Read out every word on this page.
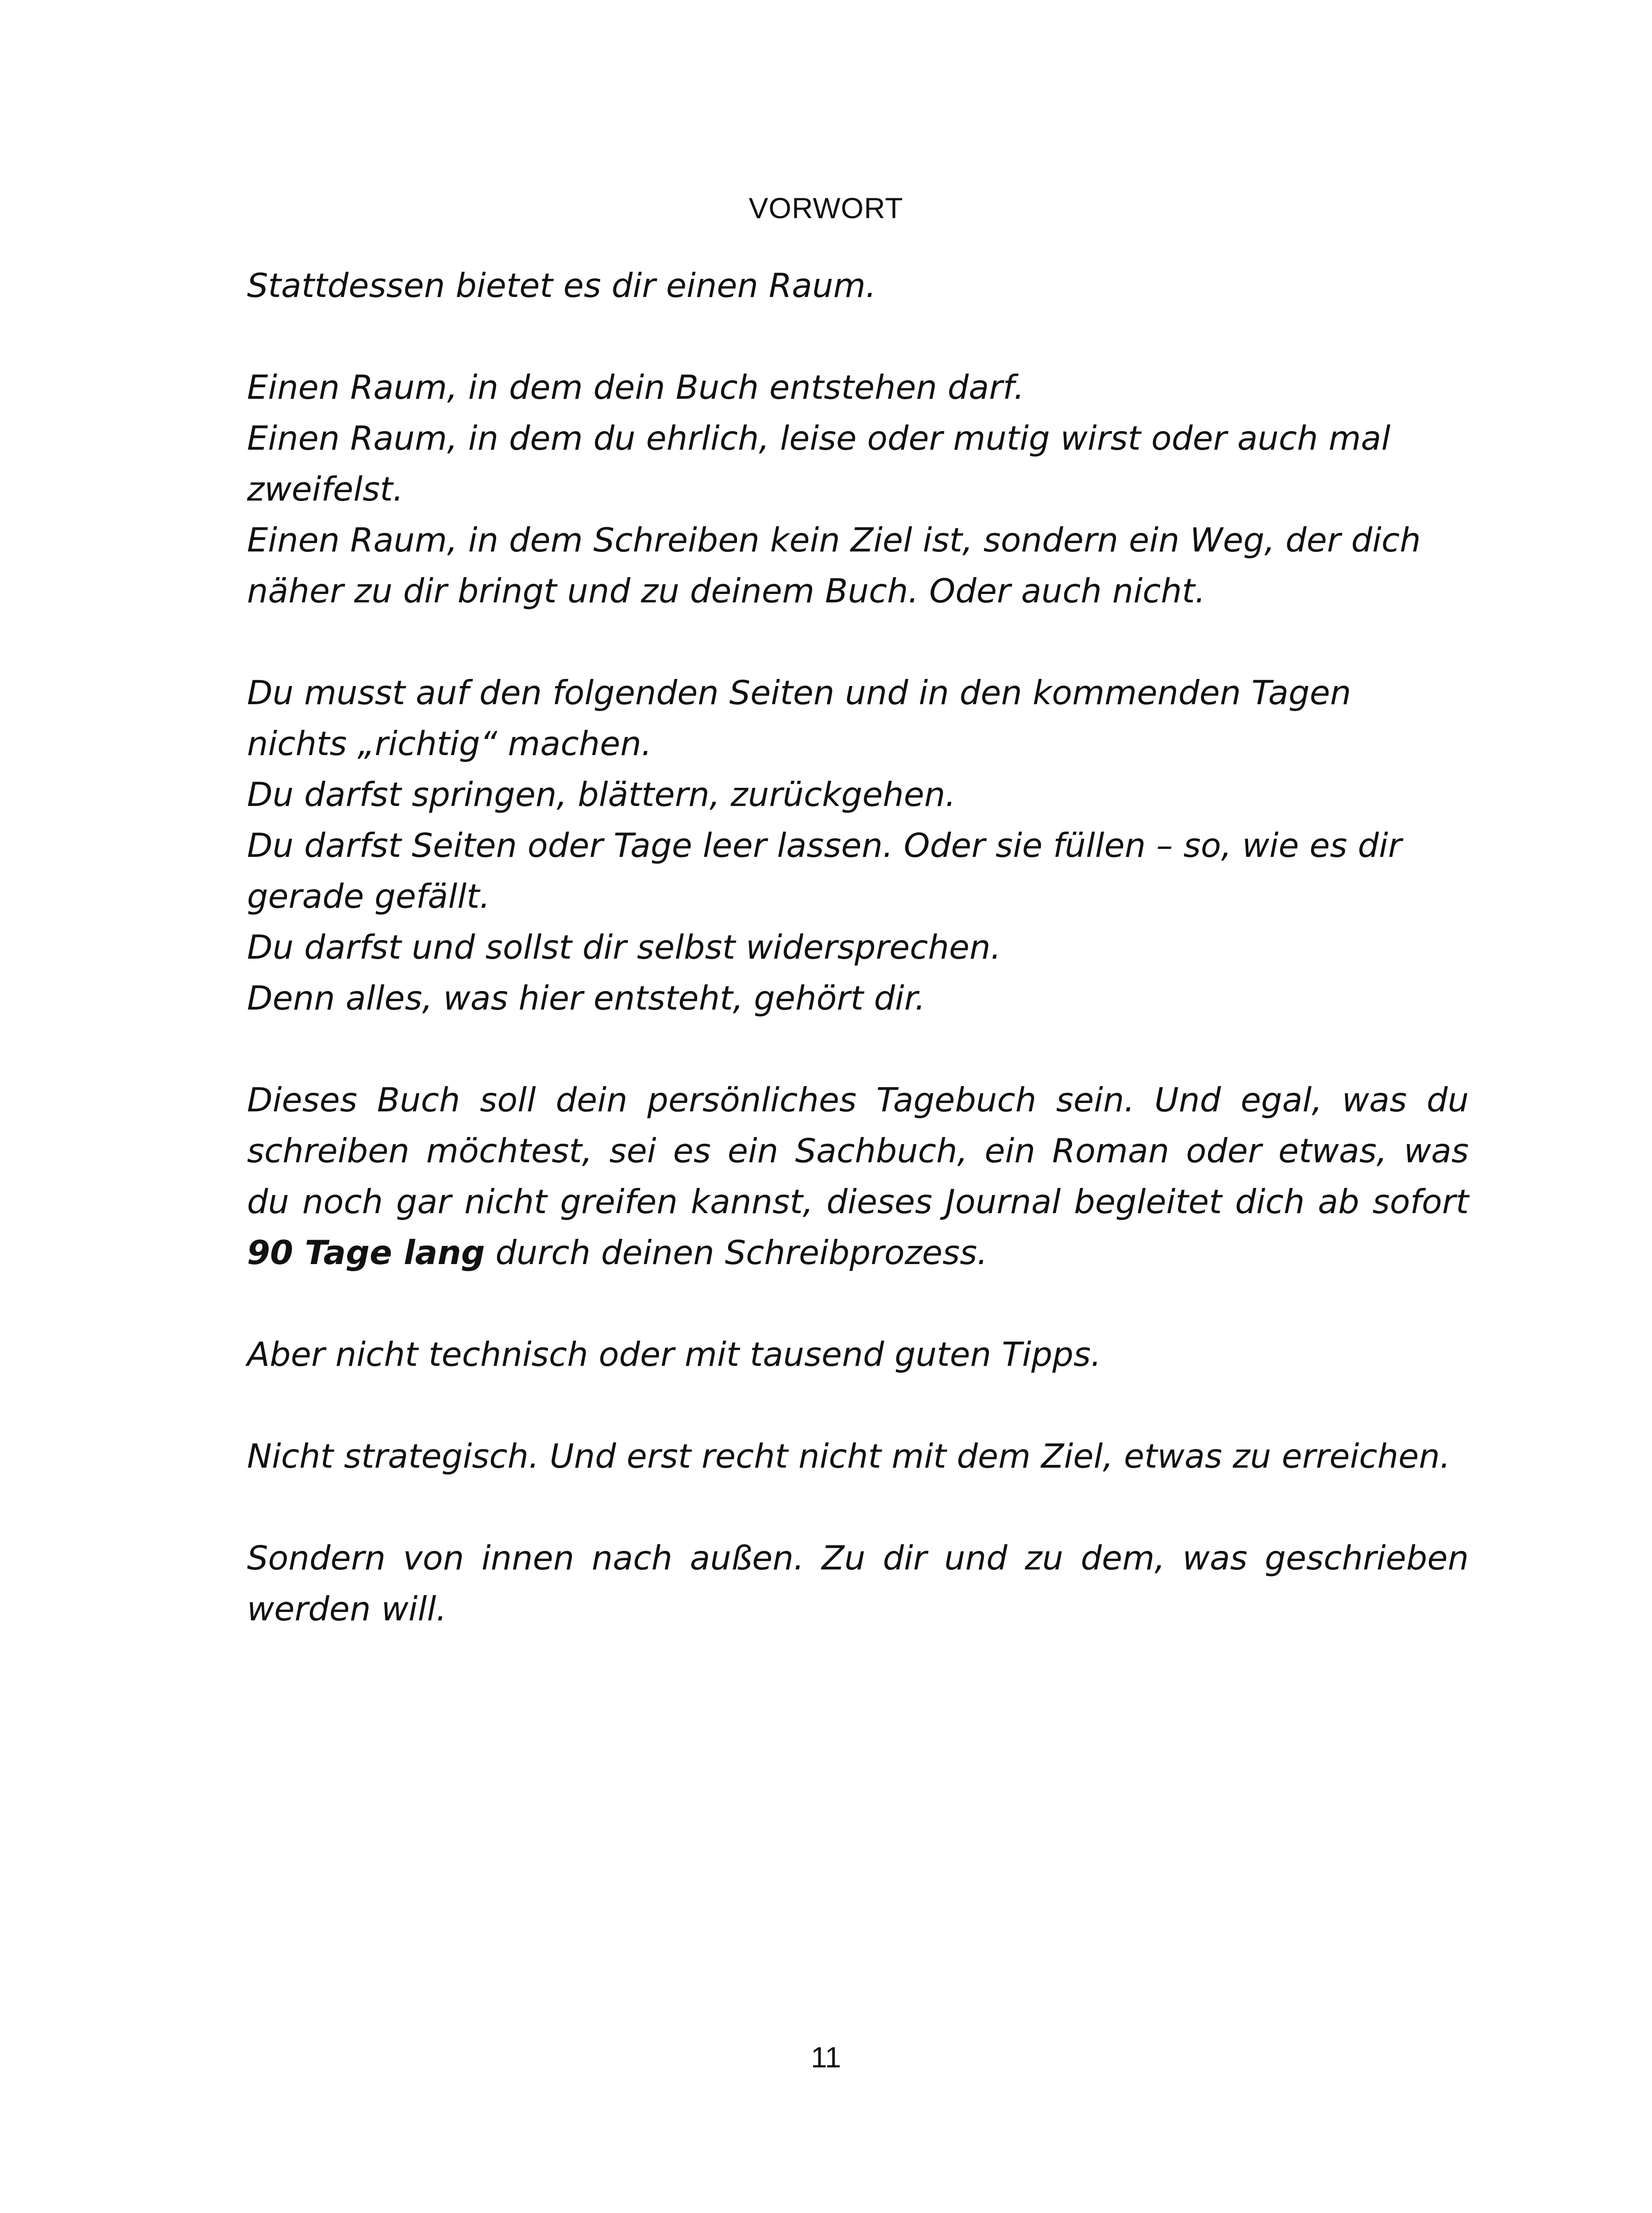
VORWORT

Stattdessen bietet es dir einen Raum.

Einen Raum, in dem dein Buch entstehen darf.
Einen Raum, in dem du ehrlich, leise oder mutig wirst oder auch mal
zweifelst.
Einen Raum, in dem Schreiben kein Ziel ist, sondern ein Weg, der dich
näher zu dir bringt und zu deinem Buch. Oder auch nicht.

Du musst auf den folgenden Seiten und in den kommenden Tagen
nichts „richtig“ machen.
Du darfst springen, blättern, zurückgehen.
Du darfst Seiten oder Tage leer lassen. Oder sie füllen – so, wie es dir
gerade gefällt.
Du darfst und sollst dir selbst widersprechen.
Denn alles, was hier entsteht, gehört dir.

Dieses Buch soll dein persönliches Tagebuch sein. Und egal, was du
schreiben möchtest, sei es ein Sachbuch, ein Roman oder etwas, was
du noch gar nicht greifen kannst, dieses Journal begleitet dich ab sofort
90 Tage lang durch deinen Schreibprozess.

Aber nicht technisch oder mit tausend guten Tipps.

Nicht strategisch. Und erst recht nicht mit dem Ziel, etwas zu erreichen.

Sondern von innen nach außen. Zu dir und zu dem, was geschrieben
werden will.

11
